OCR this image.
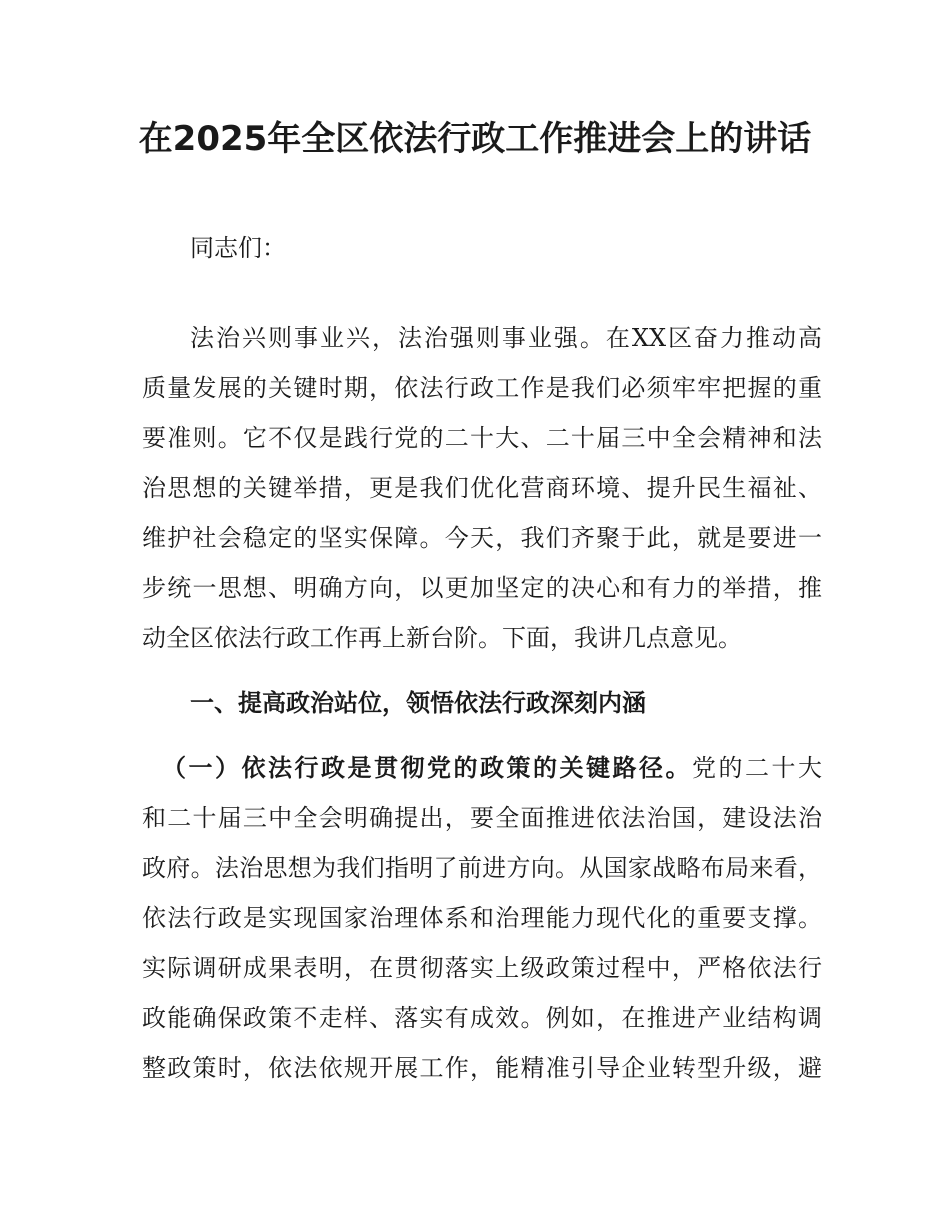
在2025年全区依法行政工作推进会上的讲话

同志们：

法治兴则事业兴，法治强则事业强。在XX区奋力推动高

质量发展的关键时期，依法行政工作是我们必须牢牢把握的重

要准则。它不仅是践行党的二十大、二十届三中全会精神和法

治思想的关键举措，更是我们优化营商环境、提升民生福祉、

维护社会稳定的坚实保障。今天，我们齐聚于此，就是要进一

步统一思想、明确方向，以更加坚定的决心和有力的举措，推

动全区依法行政工作再上新台阶。下面，我讲几点意见。

一、提高政治站位，领悟依法行政深刻内涵

（一）依法行政是贯彻党的政策的关键路径。党的二十大

和二十届三中全会明确提出，要全面推进依法治国，建设法治

政府。法治思想为我们指明了前进方向。从国家战略布局来看，

依法行政是实现国家治理体系和治理能力现代化的重要支撑。

实际调研成果表明，在贯彻落实上级政策过程中，严格依法行

政能确保政策不走样、落实有成效。例如，在推进产业结构调

整政策时，依法依规开展工作，能精准引导企业转型升级，避
